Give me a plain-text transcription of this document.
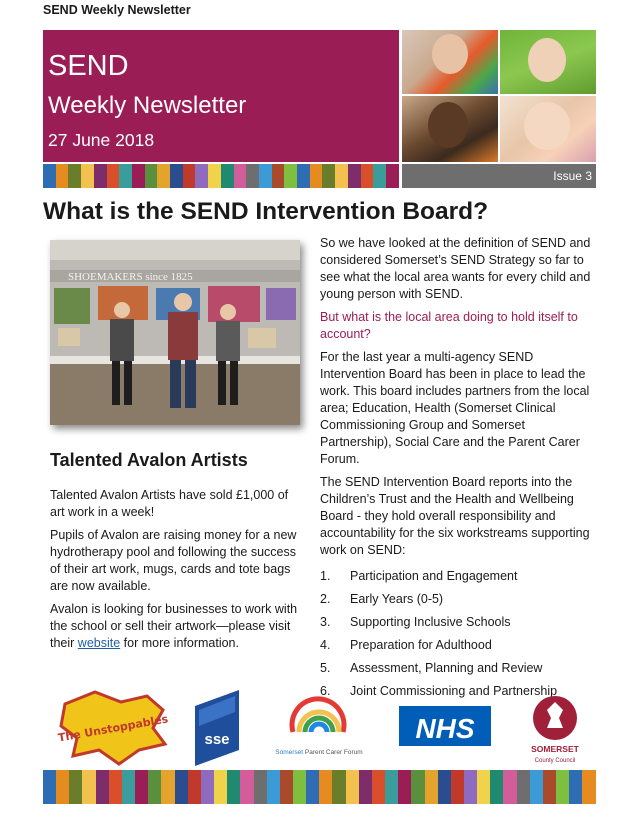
SEND Weekly Newsletter
SEND
Weekly Newsletter
27 June 2018
Issue 3
What is the SEND Intervention Board?
SHOEMAKERS since 1825
Talented Avalon Artists

Talented Avalon Artists have sold £1,000 of art work in a week!

Pupils of Avalon are raising money for a new hydrotherapy pool and following the success of their art work, mugs, cards and tote bags are now available.

Avalon is looking for businesses to work with the school or sell their artwork—please visit their website for more information.

So we have looked at the definition of SEND and considered Somerset’s SEND Strategy so far to see what the local area wants for every child and young person with SEND.

But what is the local area doing to hold itself to account?

For the last year a multi-agency SEND Intervention Board has been in place to lead the work. This board includes partners from the local area; Education, Health (Somerset Clinical Commissioning Group and Somerset Partnership), Social Care and the Parent Carer Forum.

The SEND Intervention Board reports into the Children’s Trust and the Health and Wellbeing Board - they hold overall responsibility and accountability for the six workstreams supporting work on SEND:

1.	Participation and Engagement
2.	Early Years (0-5)
3.	Supporting Inclusive Schools
4.	Preparation for Adulthood
5.	Assessment, Planning and Review
6.	Joint Commissioning and Partnership
The Unstoppables sse
Somerset Parent Carer Forum
NHS
SOMERSET
County Council
